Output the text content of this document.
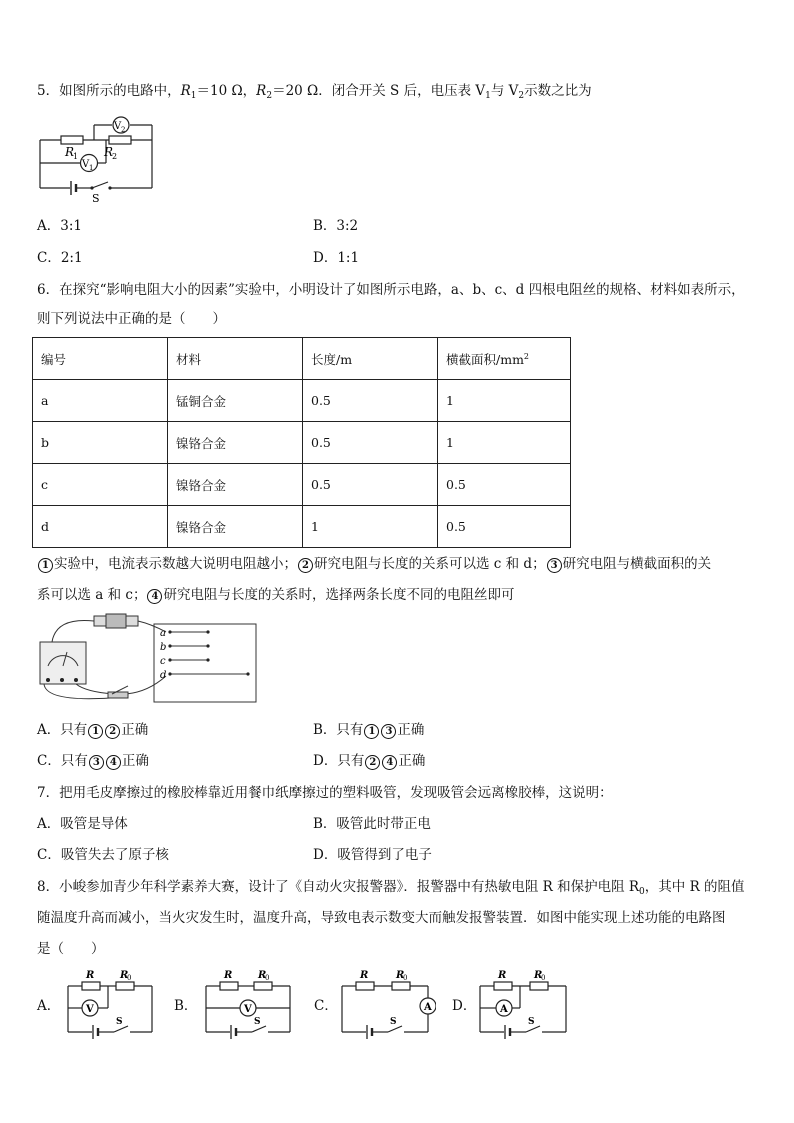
5．如图所示的电路中，$R_1=10$ Ω，$R_2=20$ Ω．闭合开关 S 后，电压表 $V_1$与 $V_2$示数之比为
V 2
V 1
R
1 R
2
S
A．3:1	B．3:2
C．2:1	D．1:1
6．在探究“影响电阻大小的因素”实验中，小明设计了如图所示电路，a、b、c、d 四根电阻丝的规格、材料如表所示，
则下列说法中正确的是（　　）
编号	材料	长度/m	横截面积$/mm^2$
a	锰铜合金	0.5	1
b	镍铬合金	0.5	1
c	镍铬合金	0.5	0.5
d	镍铬合金	1	0.5
1 实验中，电流表示数越大说明电阻越小； 2 研究电阻与长度的关系可以选 c 和 d； 3 研究电阻与横截面积的关
系可以选 a 和 c； 4 研究电阻与长度的关系时，选择两条长度不同的电阻丝即可
a
b
c
d
A．只有 1 2 正确	B．只有 1 3 正确
C．只有 3 4 正确	D．只有 2 4 正确
7．把用毛皮摩擦过的橡胶棒靠近用餐巾纸摩擦过的塑料吸管，发现吸管会远离橡胶棒，这说明：
A．吸管是导体	B．吸管此时带正电
C．吸管失去了原子核	D．吸管得到了电子
8．小峻参加青少年科学素养大赛，设计了《自动火灾报警器》．报警器中有热敏电阻 R 和保护电阻 $R_0$，其中 R 的阻值
随温度升高而减小，当火灾发生时，温度升高，导致电表示数变大而触发报警装置．如图中能实现上述功能的电路图
是（　　）
A．
R	R
0
V
S
B．
R	R
0
V
S
C．
R	R
0
A
S
D．
R	R
0
A
S
